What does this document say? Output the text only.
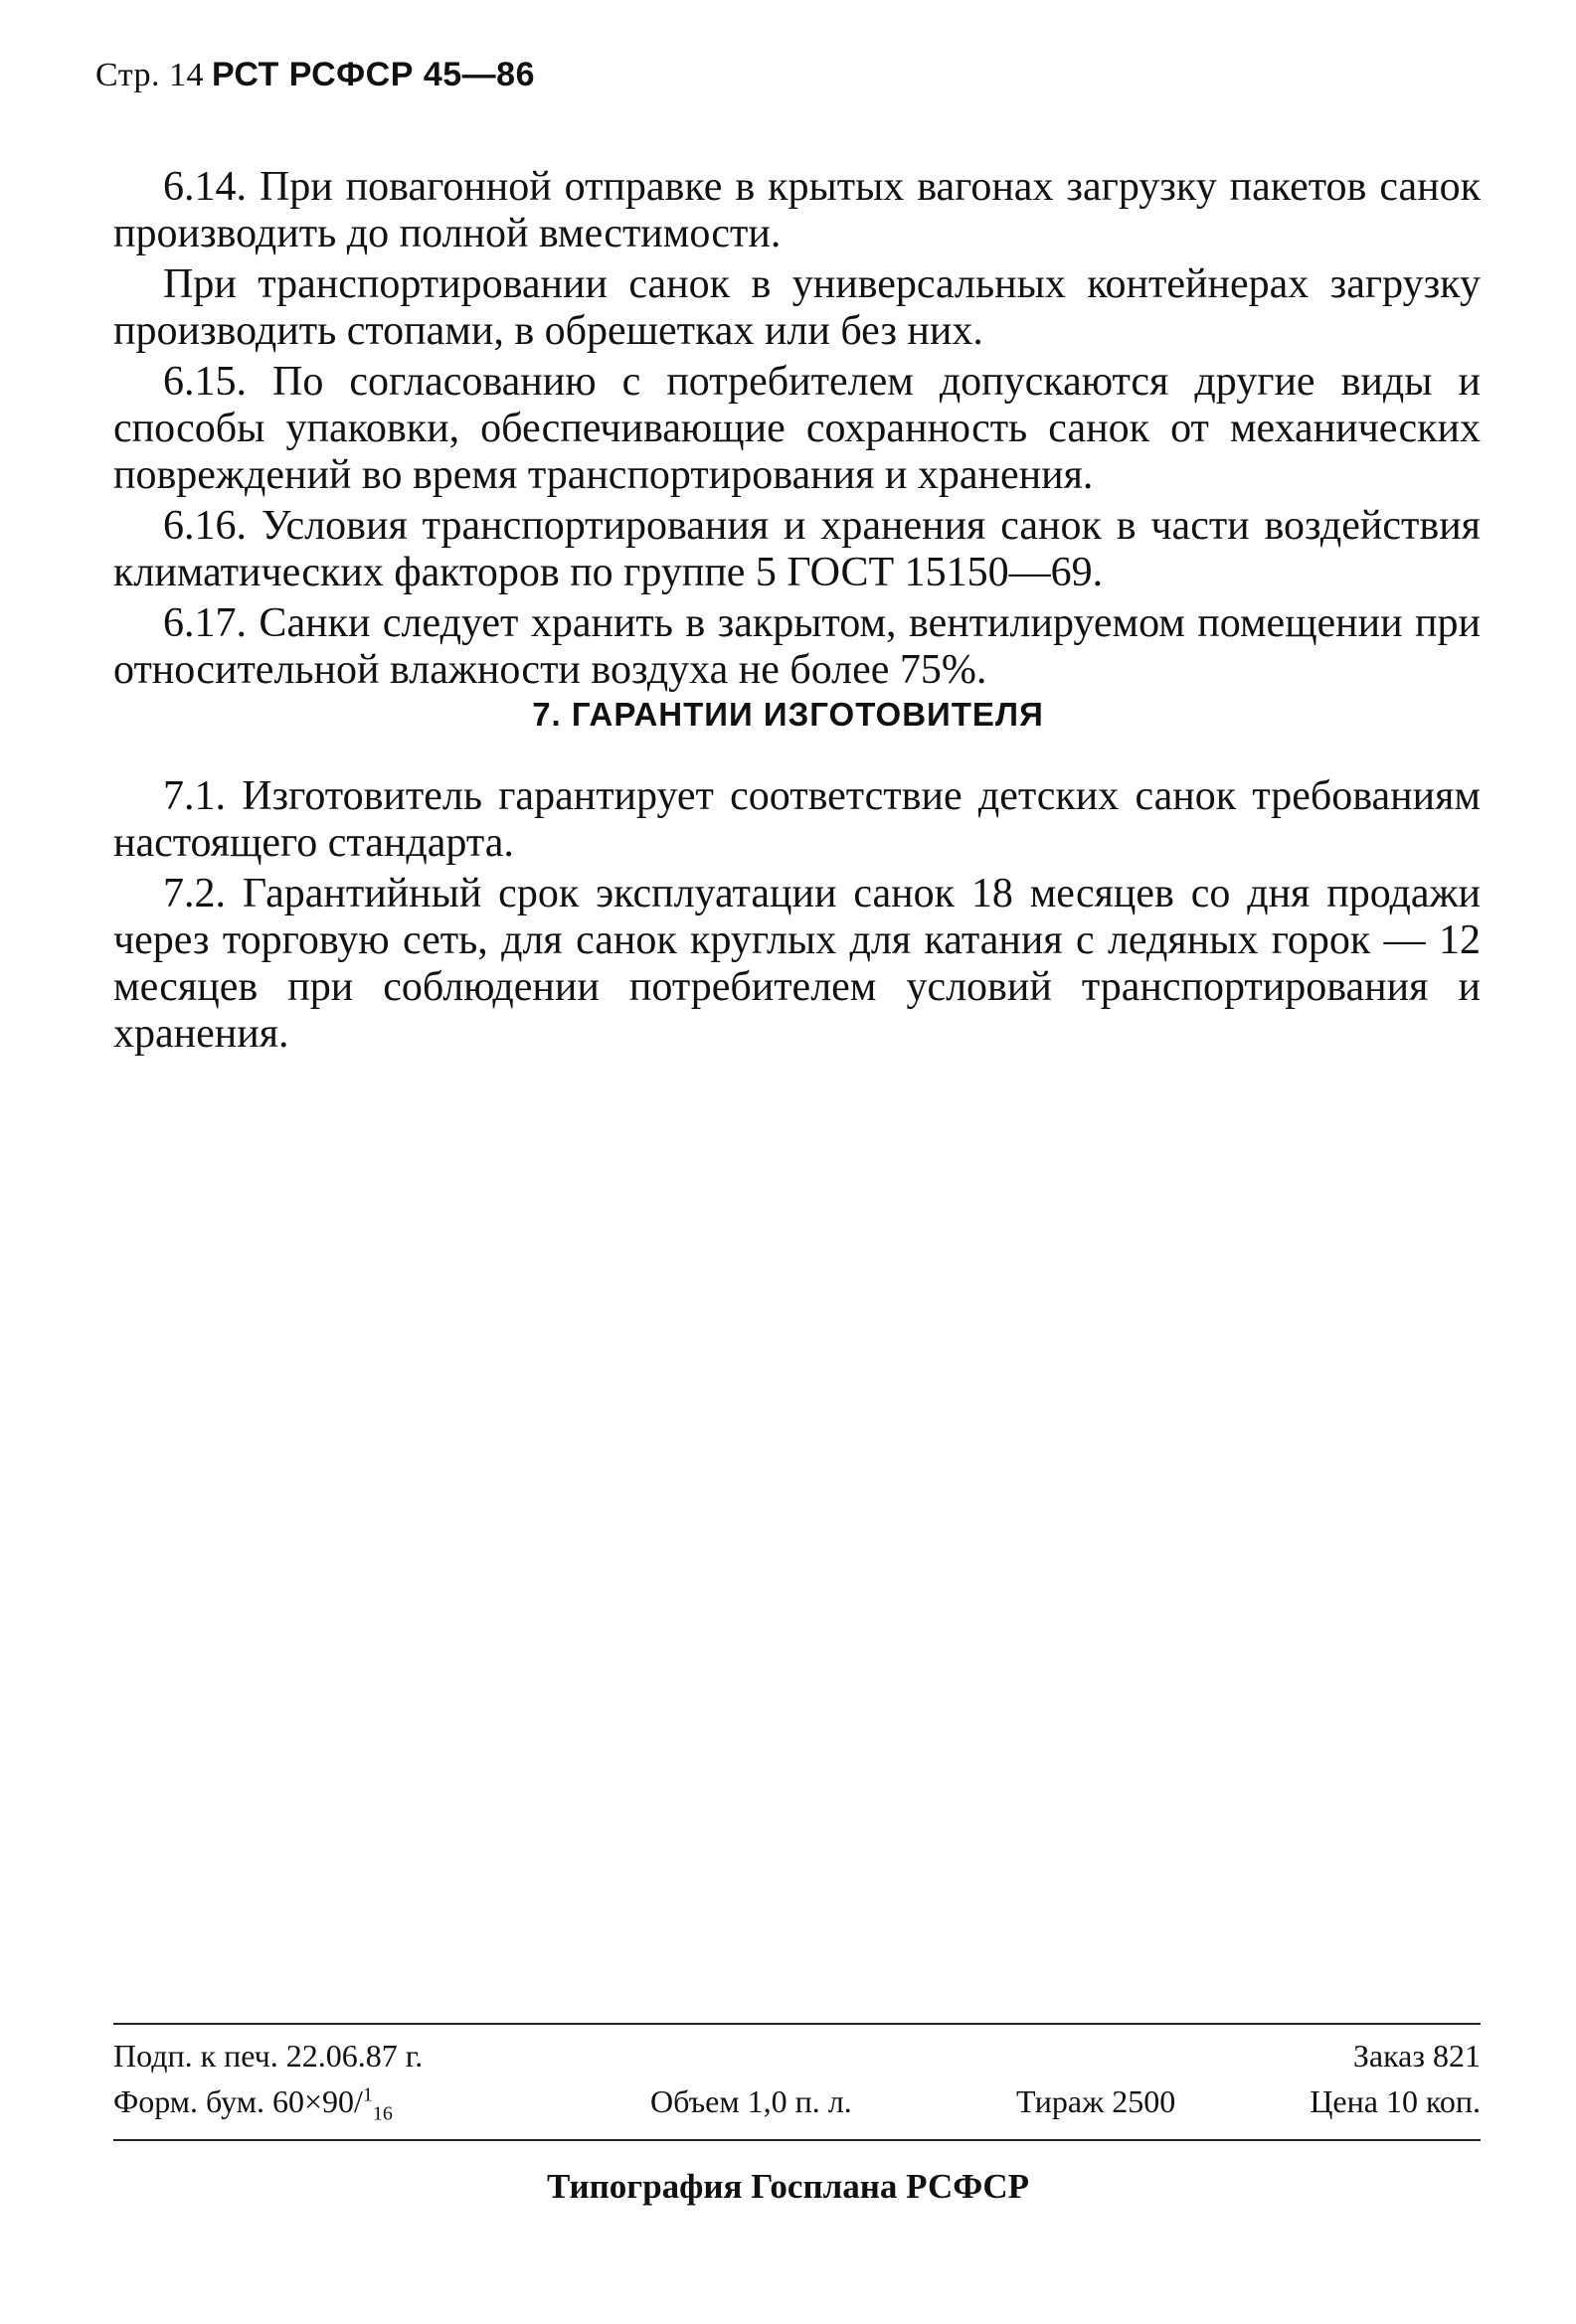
Стр. 14 РСТ РСФСР 45—86

6.14. При повагонной отправке в крытых вагонах загрузку пакетов санок производить до полной вместимости.

При транспортировании санок в универсальных контейнерах загрузку производить стопами, в обрешетках или без них.

6.15. По согласованию с потребителем допускаются другие виды и способы упаковки, обеспечивающие сохранность санок от механических повреждений во время транспортирования и хранения.

6.16. Условия транспортирования и хранения санок в части воздействия климатических факторов по группе 5 ГОСТ 15150—69.

6.17. Санки следует хранить в закрытом, вентилируемом помещении при относительной влажности воздуха не более 75%.

7. ГАРАНТИИ ИЗГОТОВИТЕЛЯ

7.1. Изготовитель гарантирует соответствие детских санок требованиям настоящего стандарта.

7.2. Гарантийный срок эксплуатации санок 18 месяцев со дня продажи через торговую сеть, для санок круглых для катания с ледяных горок — 12 месяцев при соблюдении потребителем условий транспортирования и хранения.

Подп. к печ. 22.06.87 г.	Заказ 821
Форм. бум. 60×90/$^1_{16}$	Объем 1,0 п. л.	Тираж 2500	Цена 10 коп.
Типография Госплана РСФСР
